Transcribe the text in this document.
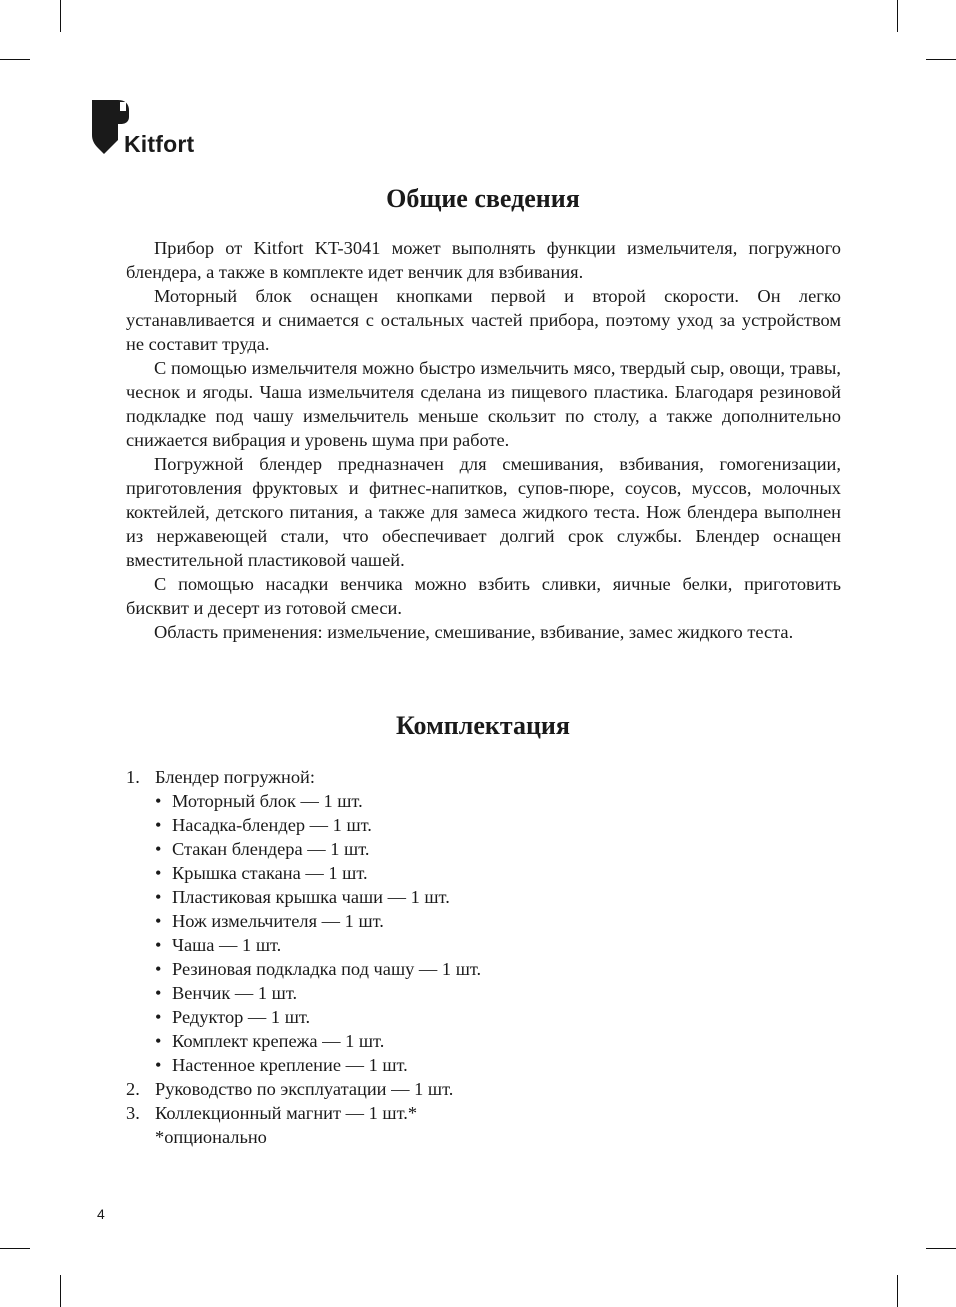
Kitfort
Общие сведения

Прибор от Kitfort KT-3041 может выполнять функции измельчителя, погружного блендера, а также в комплекте идет венчик для взбивания.

Моторный блок оснащен кнопками первой и второй скорости. Он легко устанавливается и снимается с остальных частей прибора, поэтому уход за устройством не составит труда.

С помощью измельчителя можно быстро измельчить мясо, твердый сыр, овощи, травы, чеснок и ягоды. Чаша измельчителя сделана из пищевого пластика. Благодаря резиновой подкладке под чашу измельчитель меньше скользит по столу, а также дополнительно снижается вибрация и уровень шума при работе.

Погружной блендер предназначен для смешивания, взбивания, гомогенизации, приготовления фруктовых и фитнес-напитков, супов-пюре, соусов, муссов, молочных коктейлей, детского питания, а также для замеса жидкого теста. Нож блендера выполнен из нержавеющей стали, что обеспечивает долгий срок службы. Блендер оснащен вместительной пластиковой чашей.

С помощью насадки венчика можно взбить сливки, яичные белки, приготовить бисквит и десерт из готовой смеси.

Область применения: измельчение, смешивание, взбивание, замес жидкого теста.

Комплектация
1. Блендер погружной:
• Моторный блок — 1 шт.
• Насадка-блендер — 1 шт.
• Стакан блендера — 1 шт.
• Крышка стакана — 1 шт.
• Пластиковая крышка чаши — 1 шт.
• Нож измельчителя — 1 шт.
• Чаша — 1 шт.
• Резиновая подкладка под чашу — 1 шт.
• Венчик — 1 шт.
• Редуктор — 1 шт.
• Комплект крепежа — 1 шт.
• Настенное крепление — 1 шт.
2. Руководство по эксплуатации — 1 шт.
3. Коллекционный магнит — 1 шт.*
*опционально
4
